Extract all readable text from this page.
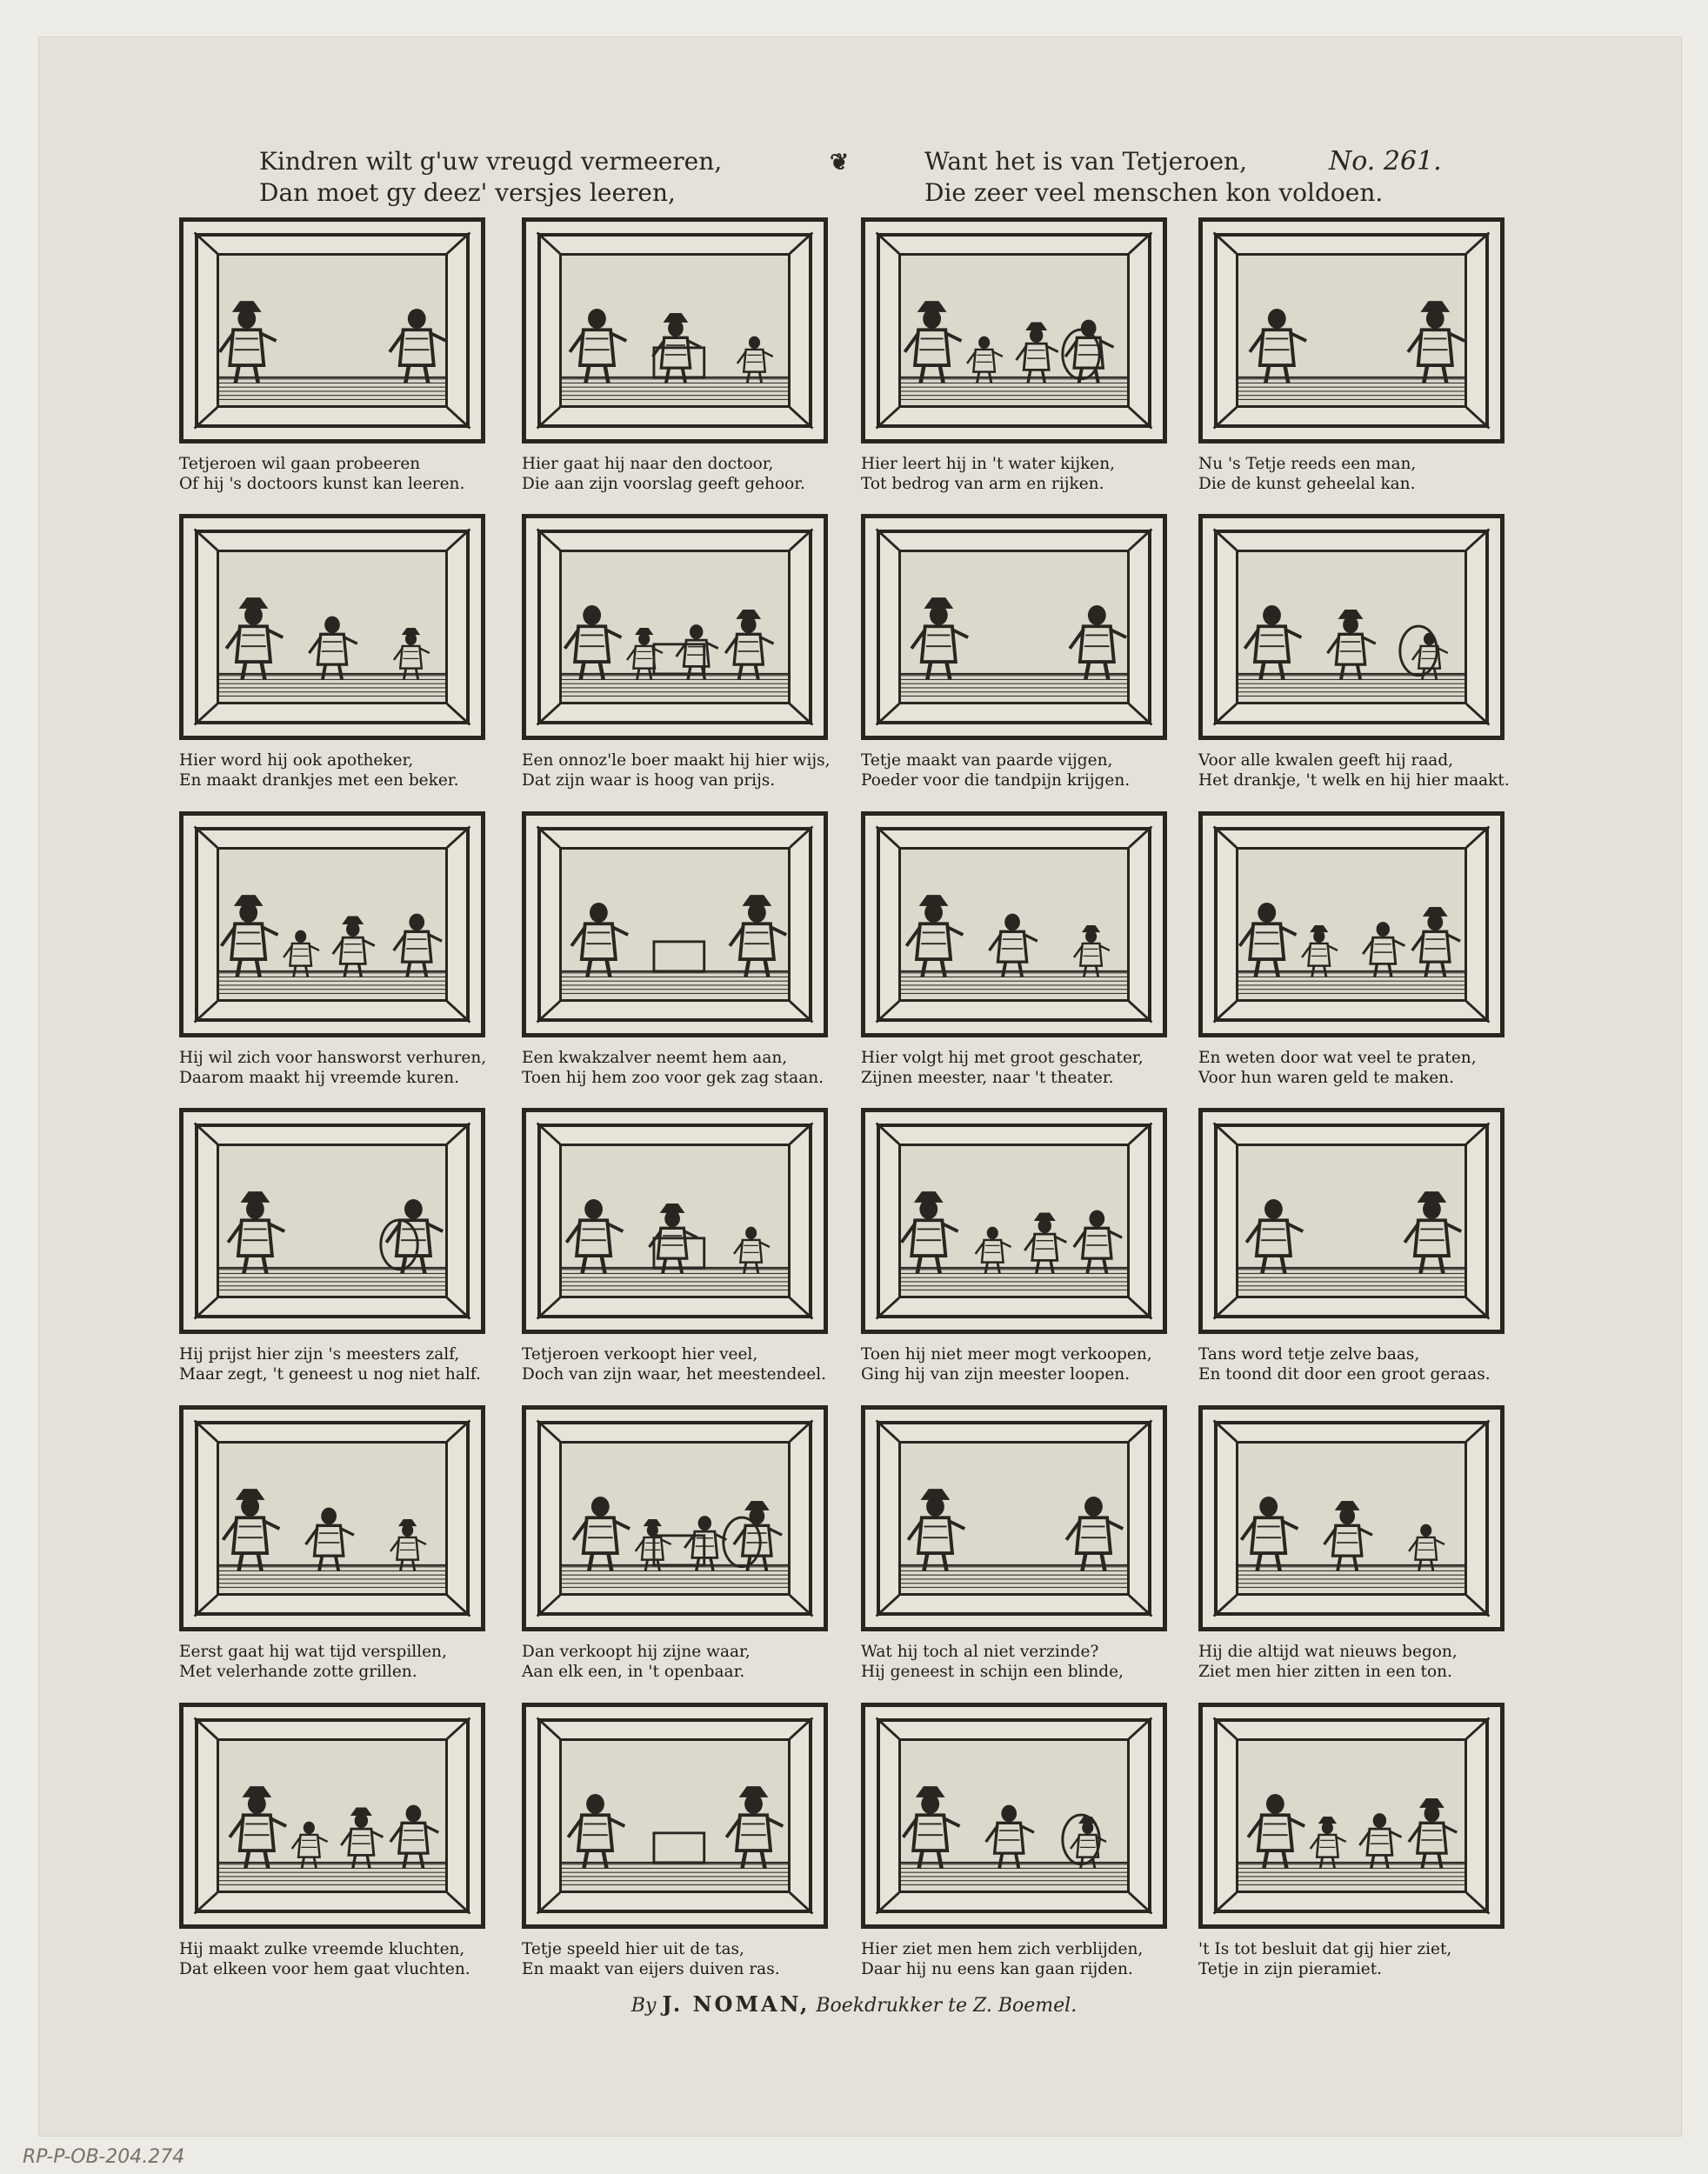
Kindren wilt g'uw vreugd vermeeren,
Dan moet gy deez' versjes leeren,
❦	Want het is van Tetjeroen,
Die zeer veel menschen kon voldoen.
No. 261.
Tetjeroen wil gaan probeeren
Of hij 's doctoors kunst kan leeren.
Hier gaat hij naar den doctoor,
Die aan zijn voorslag geeft gehoor.
Hier leert hij in 't water kijken,
Tot bedrog van arm en rijken.
Nu 's Tetje reeds een man,
Die de kunst geheelal kan.
Hier word hij ook apotheker,
En maakt drankjes met een beker.
Een onnoz'le boer maakt hij hier wijs,
Dat zijn waar is hoog van prijs.
Tetje maakt van paarde vijgen,
Poeder voor die tandpijn krijgen.
Voor alle kwalen geeft hij raad,
Het drankje, 't welk en hij hier maakt.
Hij wil zich voor hansworst verhuren,
Daarom maakt hij vreemde kuren.
Een kwakzalver neemt hem aan,
Toen hij hem zoo voor gek zag staan.
Hier volgt hij met groot geschater,
Zijnen meester, naar 't theater.
En weten door wat veel te praten,
Voor hun waren geld te maken.
Hij prijst hier zijn 's meesters zalf,
Maar zegt, 't geneest u nog niet half.
Tetjeroen verkoopt hier veel,
Doch van zijn waar, het meestendeel.
Toen hij niet meer mogt verkoopen,
Ging hij van zijn meester loopen.
Tans word tetje zelve baas,
En toond dit door een groot geraas.
Eerst gaat hij wat tijd verspillen,
Met velerhande zotte grillen.
Dan verkoopt hij zijne waar,
Aan elk een, in 't openbaar.
Wat hij toch al niet verzinde?
Hij geneest in schijn een blinde,
Hij die altijd wat nieuws begon,
Ziet men hier zitten in een ton.
Hij maakt zulke vreemde kluchten,
Dat elkeen voor hem gaat vluchten.
Tetje speeld hier uit de tas,
En maakt van eijers duiven ras.
Hier ziet men hem zich verblijden,
Daar hij nu eens kan gaan rijden.
't Is tot besluit dat gij hier ziet,
Tetje in zijn pieramiet.
By J. NOMAN, Boekdrukker te Z. Boemel.
RP-P-OB-204.274
